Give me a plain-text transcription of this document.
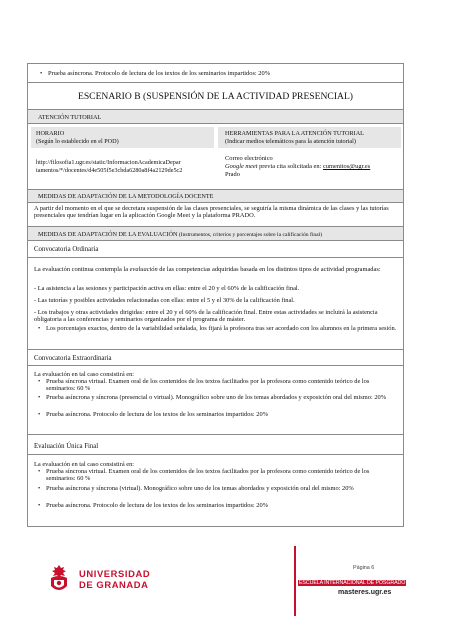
• Prueba asíncrona. Protocolo de lectura de los textos de los seminarios impartidos: 20%
ESCENARIO B (SUSPENSIÓN DE LA ACTIVIDAD PRESENCIAL)
ATENCIÓN TUTORIAL
HORARIO
(Según lo establecido en el POD)
HERRAMIENTAS PARA LA ATENCIÓN TUTORIAL
(Indicar medios telemáticos para la atención tutorial)
http://filosofia1.ugr.es/static/InformacionAcademicaDepar
tamentos/*/docentes/d4e505f5e3cbda6280a8f4a2129de5c2
Correo electrónico
Google meet previa cita solicitada en: cumenitos@ugr.es
Prado
MEDIDAS DE ADAPTACIÓN DE LA METODOLOGÍA DOCENTE
A partir del momento en el que se decretara suspensión de las clases presenciales, se seguiría la misma dinámica de las clases y las tutorías presenciales que tendrían lugar en la aplicación Google Meet y la plataforma PRADO.
MEDIDAS DE ADAPTACIÓN DE LA EVALUACIÓN (Instrumentos, criterios y porcentajes sobre la calificación final)
Convocatoria Ordinaria
La evaluación continua contempla la evaluación de las competencias adquiridas basada en los distintos tipos de actividad programadas:
- La asistencia a las sesiones y participación activa en ellas: entre el 20 y el 60% de la calificación final.
- Las tutorías y posibles actividades relacionadas con ellas: entre el 5 y el 30% de la calificación final.
- Los trabajos y otras actividades dirigidas: entre el 20 y el 60% de la calificación final. Entre estas actividades se incluirá la asistencia obligatoria a las conferencias y seminarios organizados por el programa de máster.
• Los porcentajes exactos, dentro de la variabilidad señalada, los fijará la profesora tras ser acordado con los alumnos en la primera sesión.
Convocatoria Extraordinaria
La evaluación en tal caso consistirá en:
• Prueba síncrona virtual. Examen oral de los contenidos de los textos facilitados por la profesora como contenido teórico de los seminarios: 60 %
• Prueba asíncrona y síncrona (presencial o virtual). Monográfico sobre uno de los temas abordados y exposición oral del mismo: 20%
• Prueba asíncrona. Protocolo de lectura de los textos de los seminarios impartidos: 20%
Evaluación Única Final
La evaluación en tal caso consistirá en:
• Prueba síncrona virtual. Examen oral de los contenidos de los textos facilitados por la profesora como contenido teórico de los seminarios: 60 %
• Prueba asíncrona y síncrona (virtual). Monográfico sobre uno de los temas abordados y exposición oral del mismo: 20%
• Prueba asíncrona. Protocolo de lectura de los textos de los seminarios impartidos: 20%
UNIVERSIDAD
DE GRANADA
Página 6
ESCUELA INTERNACIONAL DE POSGRADO
masteres.ugr.es
